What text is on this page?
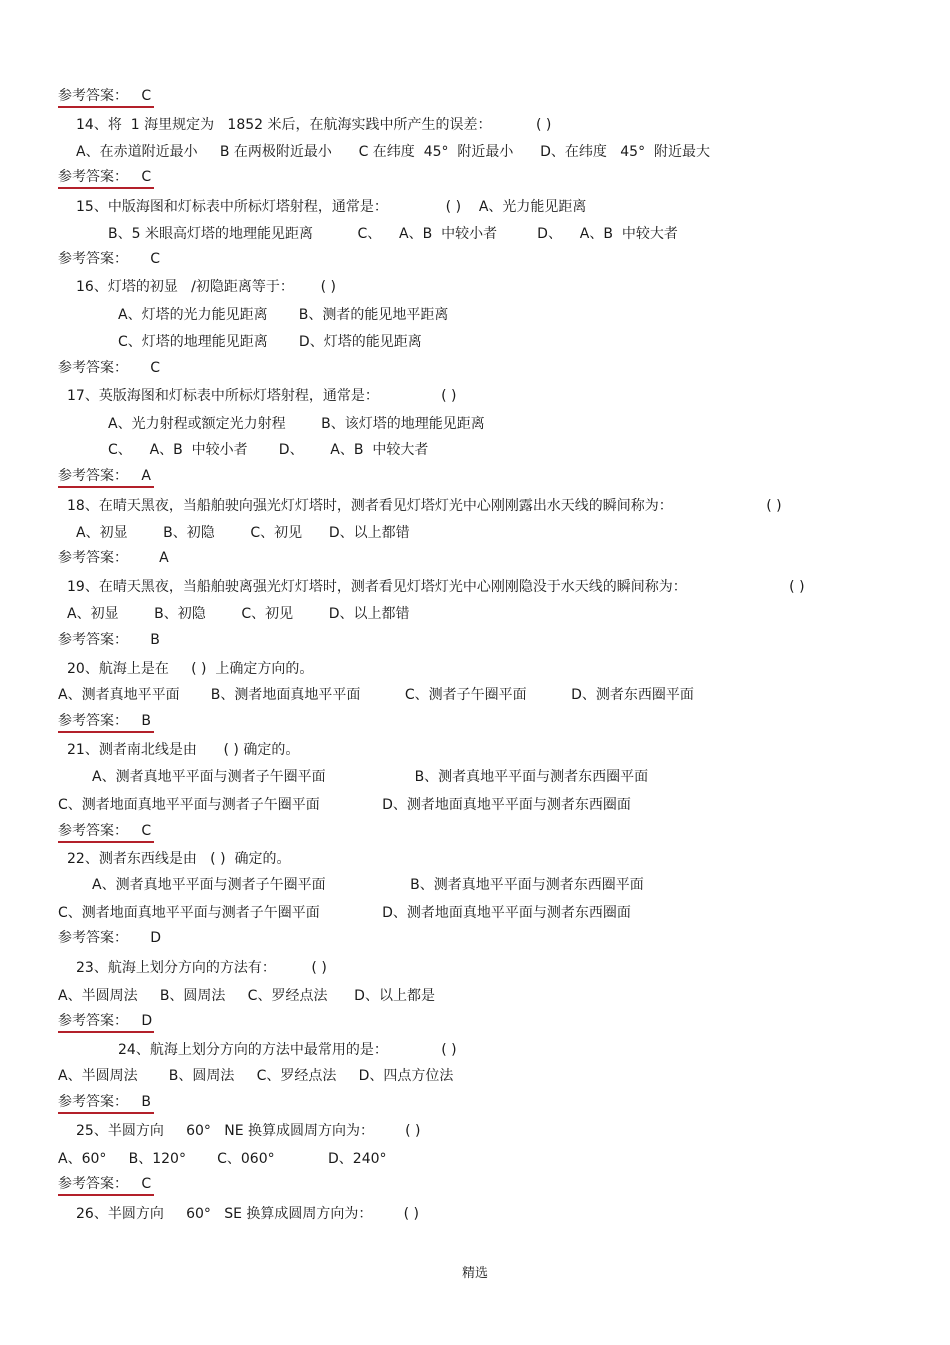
参考答案：   C
14、将  1 海里规定为   1852 米后，在航海实践中所产生的误差：          ( )
A、在赤道附近最小     B 在两极附近最小      C 在纬度  45°  附近最小      D、在纬度   45°  附近最大
参考答案：   C
15、中版海图和灯标表中所标灯塔射程，通常是：             ( )    A、光力能见距离
B、5 米眼高灯塔的地理能见距离          C、    A、B  中较小者         D、    A、B  中较大者
参考答案：     C
16、灯塔的初显   /初隐距离等于：      ( )
A、灯塔的光力能见距离       B、测者的能见地平距离
C、灯塔的地理能见距离       D、灯塔的能见距离
参考答案：     C
17、英版海图和灯标表中所标灯塔射程，通常是：              ( )
A、光力射程或额定光力射程        B、该灯塔的地理能见距离
C、    A、B  中较小者       D、      A、B  中较大者
参考答案：   A
18、在晴天黑夜，当船舶驶向强光灯灯塔时，测者看见灯塔灯光中心刚刚露出水天线的瞬间称为：                     ( )
A、初显        B、初隐        C、初见      D、以上都错
参考答案：       A
19、在晴天黑夜，当船舶驶离强光灯灯塔时，测者看见灯塔灯光中心刚刚隐没于水天线的瞬间称为：                       ( )
A、初显        B、初隐        C、初见        D、以上都错
参考答案：     B
20、航海上是在     ( )  上确定方向的。
A、测者真地平平面       B、测者地面真地平平面          C、测者子午圈平面          D、测者东西圈平面
参考答案：   B
21、测者南北线是由      ( ) 确定的。
A、测者真地平平面与测者子午圈平面                    B、测者真地平平面与测者东西圈平面
C、测者地面真地平平面与测者子午圈平面              D、测者地面真地平平面与测者东西圈面
参考答案：   C
22、测者东西线是由   ( )  确定的。
A、测者真地平平面与测者子午圈平面                   B、测者真地平平面与测者东西圈平面
C、测者地面真地平平面与测者子午圈平面              D、测者地面真地平平面与测者东西圈面
参考答案：     D
23、航海上划分方向的方法有：        ( )
A、半圆周法     B、圆周法     C、罗经点法      D、以上都是
参考答案：   D
24、航海上划分方向的方法中最常用的是：            ( )
A、半圆周法       B、圆周法     C、罗经点法     D、四点方位法
参考答案：   B
25、半圆方向     60°   NE 换算成圆周方向为：       ( )
A、60°     B、120°       C、060°            D、240°
参考答案：   C
26、半圆方向     60°   SE 换算成圆周方向为：       ( )
精选
